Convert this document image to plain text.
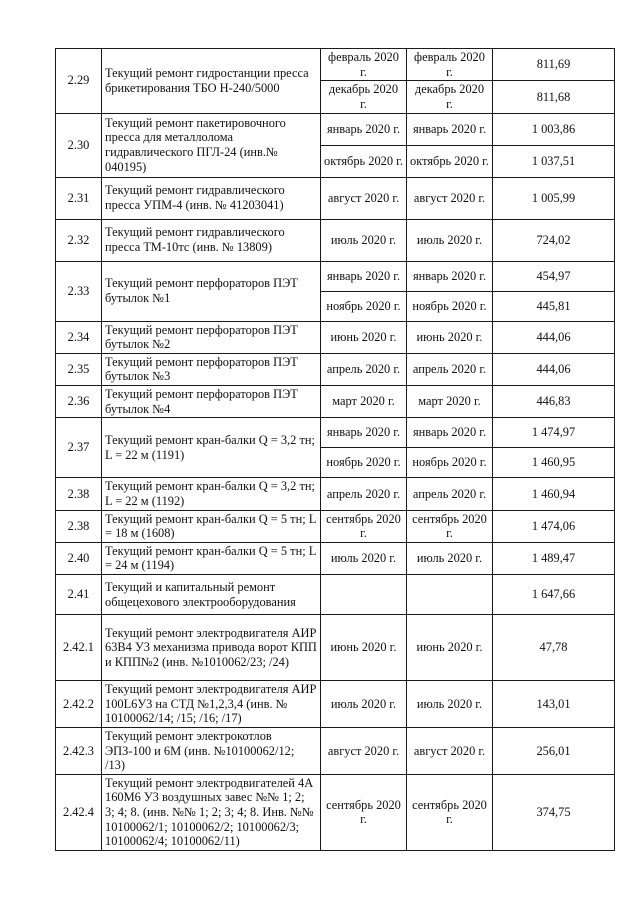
2.29	Текущий ремонт гидростанции пресса брикетирования ТБО Н-240/5000	февраль 2020 г.	февраль 2020 г.	811,69
		декабрь 2020 г.	декабрь 2020 г.	811,68
2.30	Текущий ремонт пакетировочного пресса для металлолома гидравлического ПГЛ-24 (инв.№ 040195)	январь 2020 г.	январь 2020 г.	1 003,86
		октябрь 2020 г.	октябрь 2020 г.	1 037,51
2.31	Текущий ремонт гидравлического пресса УПМ-4 (инв. № 41203041)	август 2020 г.	август 2020 г.	1 005,99
2.32	Текущий ремонт гидравлического пресса ТМ-10тс (инв. № 13809)	июль 2020 г.	июль 2020 г.	724,02
2.33	Текущий ремонт перфораторов ПЭТ бутылок №1	январь 2020 г.	январь 2020 г.	454,97
		ноябрь 2020 г.	ноябрь 2020 г.	445,81
2.34	Текущий ремонт перфораторов ПЭТ бутылок №2	июнь 2020 г.	июнь 2020 г.	444,06
2.35	Текущий ремонт перфораторов ПЭТ бутылок №3	апрель 2020 г.	апрель 2020 г.	444,06
2.36	Текущий ремонт перфораторов ПЭТ бутылок №4	март 2020 г.	март 2020 г.	446,83
2.37	Текущий ремонт кран-балки Q = 3,2 тн; L = 22 м (1191)	январь 2020 г.	январь 2020 г.	1 474,97
		ноябрь 2020 г.	ноябрь 2020 г.	1 460,95
2.38	Текущий ремонт кран-балки Q = 3,2 тн; L = 22 м (1192)	апрель 2020 г.	апрель 2020 г.	1 460,94
2.38	Текущий ремонт кран-балки Q = 5 тн; L = 18 м (1608)	сентябрь 2020 г.	сентябрь 2020 г.	1 474,06
2.40	Текущий ремонт кран-балки Q = 5 тн; L = 24 м (1194)	июль 2020 г.	июль 2020 г.	1 489,47
2.41	Текущий и капитальный ремонт общецехового электрооборудования			1 647,66
2.42.1	Текущий ремонт электродвигателя АИР 63В4 У3 механизма привода ворот КПП и КПП№2 (инв. №1010062/23; /24)	июнь 2020 г.	июнь 2020 г.	47,78
2.42.2	Текущий ремонт электродвигателя АИР 100L6У3 на СТД №1,2,3,4 (инв. № 10100062/14; /15; /16; /17)	июль 2020 г.	июль 2020 г.	143,01
2.42.3	Текущий ремонт электрокотлов ЭПЗ-100 и 6М (инв. №10100062/12; /13)	август 2020 г.	август 2020 г.	256,01
2.42.4	Текущий ремонт электродвигателей 4А 160М6 У3 воздушных завес №№ 1; 2; 3; 4; 8. (инв. №№ 1; 2; 3; 4; 8. Инв. №№ 10100062/1; 10100062/2; 10100062/3; 10100062/4; 10100062/11)	сентябрь 2020 г.	сентябрь 2020 г.	374,75
